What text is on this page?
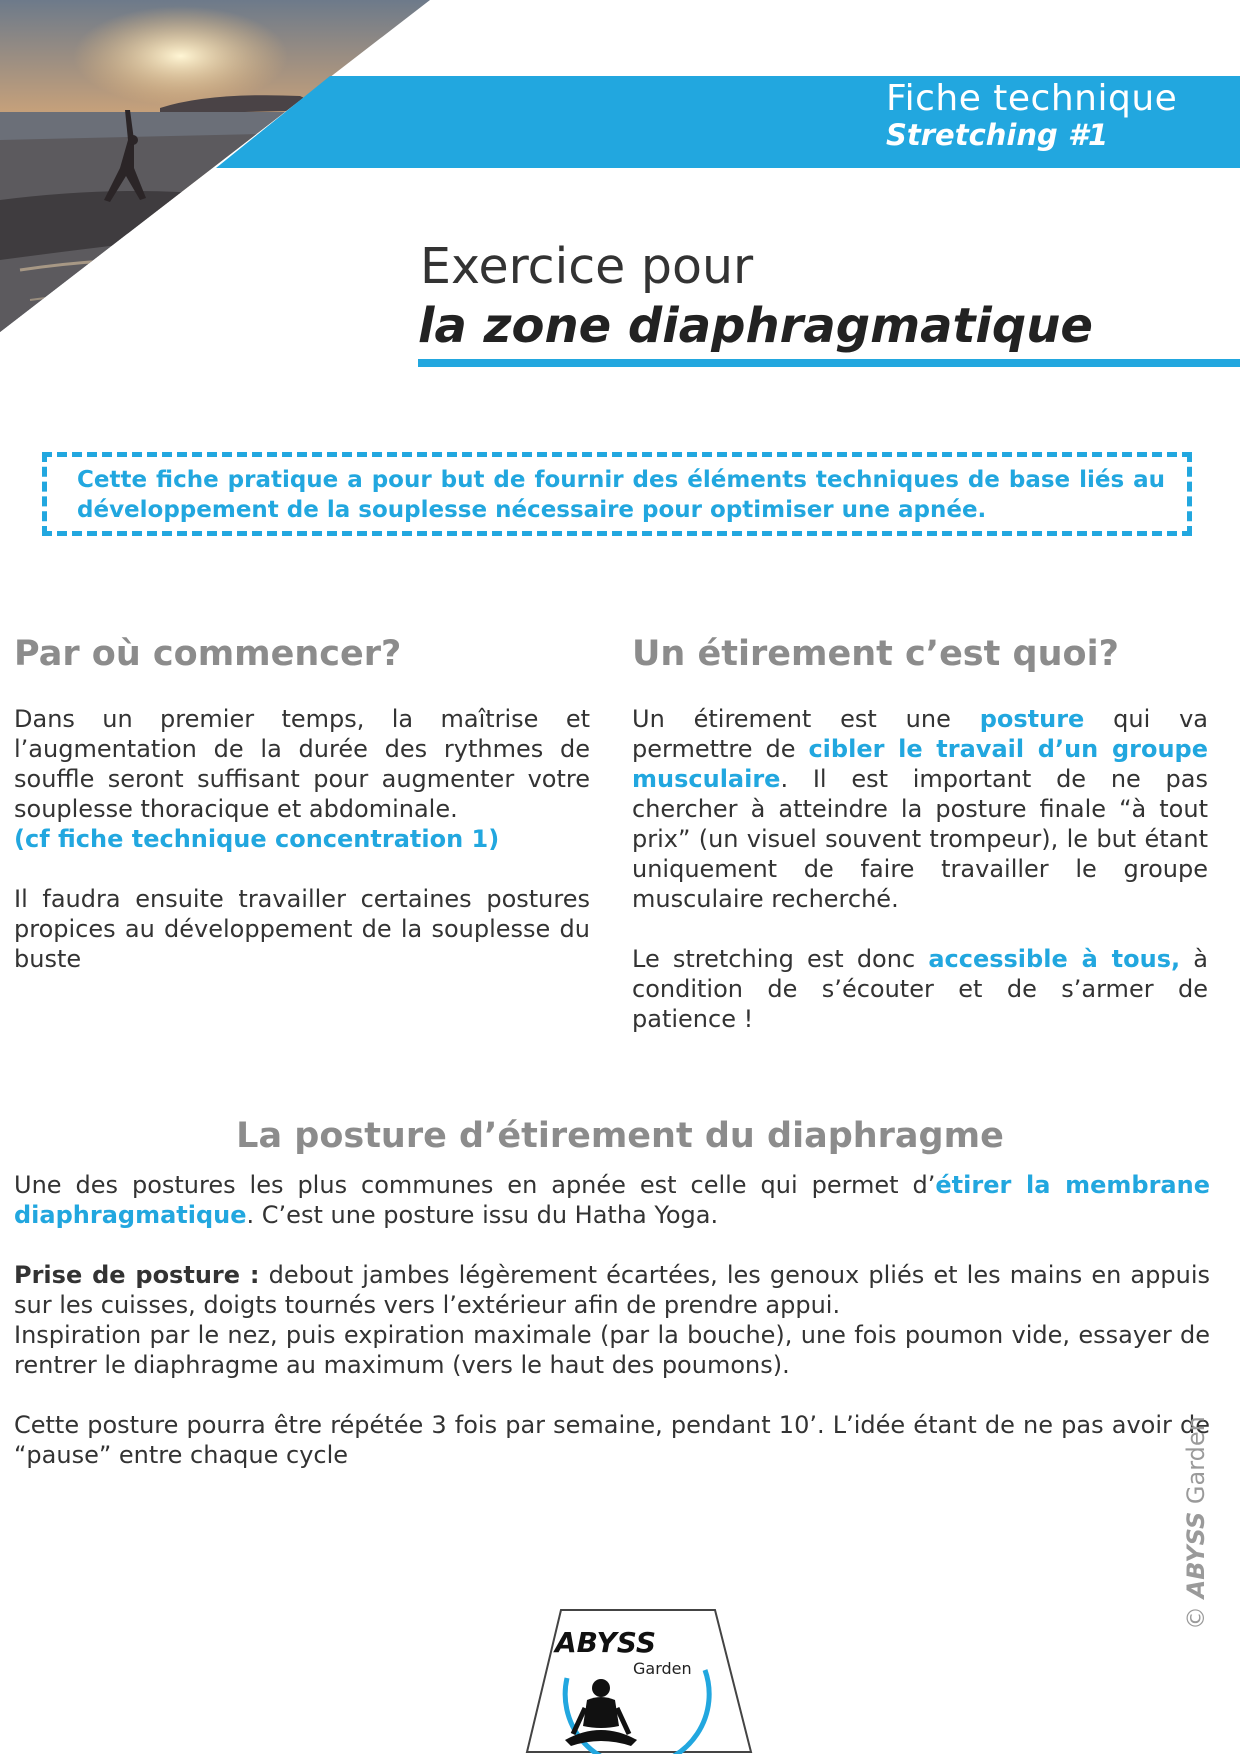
Fiche technique
Stretching #1
Exercice pour
la zone diaphragmatique
Cette fiche pratique a pour but de fournir des éléments techniques de base liés au développement de la souplesse nécessaire pour optimiser une apnée.
Par où commencer?
Dans un premier temps, la maîtrise et l’augmentation de la durée des rythmes de souffle seront suffisant pour augmenter votre souplesse thoracique et abdominale.
(cf fiche technique concentration 1)
Il faudra ensuite travailler certaines postures propices au développement de la souplesse du buste
Un étirement c’est quoi?
Un étirement est une posture qui va permettre de cibler le travail d’un groupe musculaire. Il est important de ne pas chercher à atteindre la posture finale “à tout prix” (un visuel souvent trompeur), le but étant uniquement de faire travailler le groupe musculaire recherché.
Le stretching est donc accessible à tous, à condition de s’écouter et de s’armer de patience !
La posture d’étirement du diaphragme
Une des postures les plus communes en apnée est celle qui permet d’étirer la membrane diaphragmatique. C’est une posture issu du Hatha Yoga.
Prise de posture : debout jambes légèrement écartées, les genoux pliés et les mains en appuis sur les cuisses, doigts tournés vers l’extérieur afin de prendre appui.
Inspiration par le nez, puis expiration maximale (par la bouche), une fois poumon vide, essayer de rentrer le diaphragme au maximum (vers le haut des poumons).
Cette posture pourra être répétée 3 fois par semaine, pendant 10’. L’idée étant de ne pas avoir de “pause” entre chaque cycle
© ABYSS Garden
ABYSS
Garden
